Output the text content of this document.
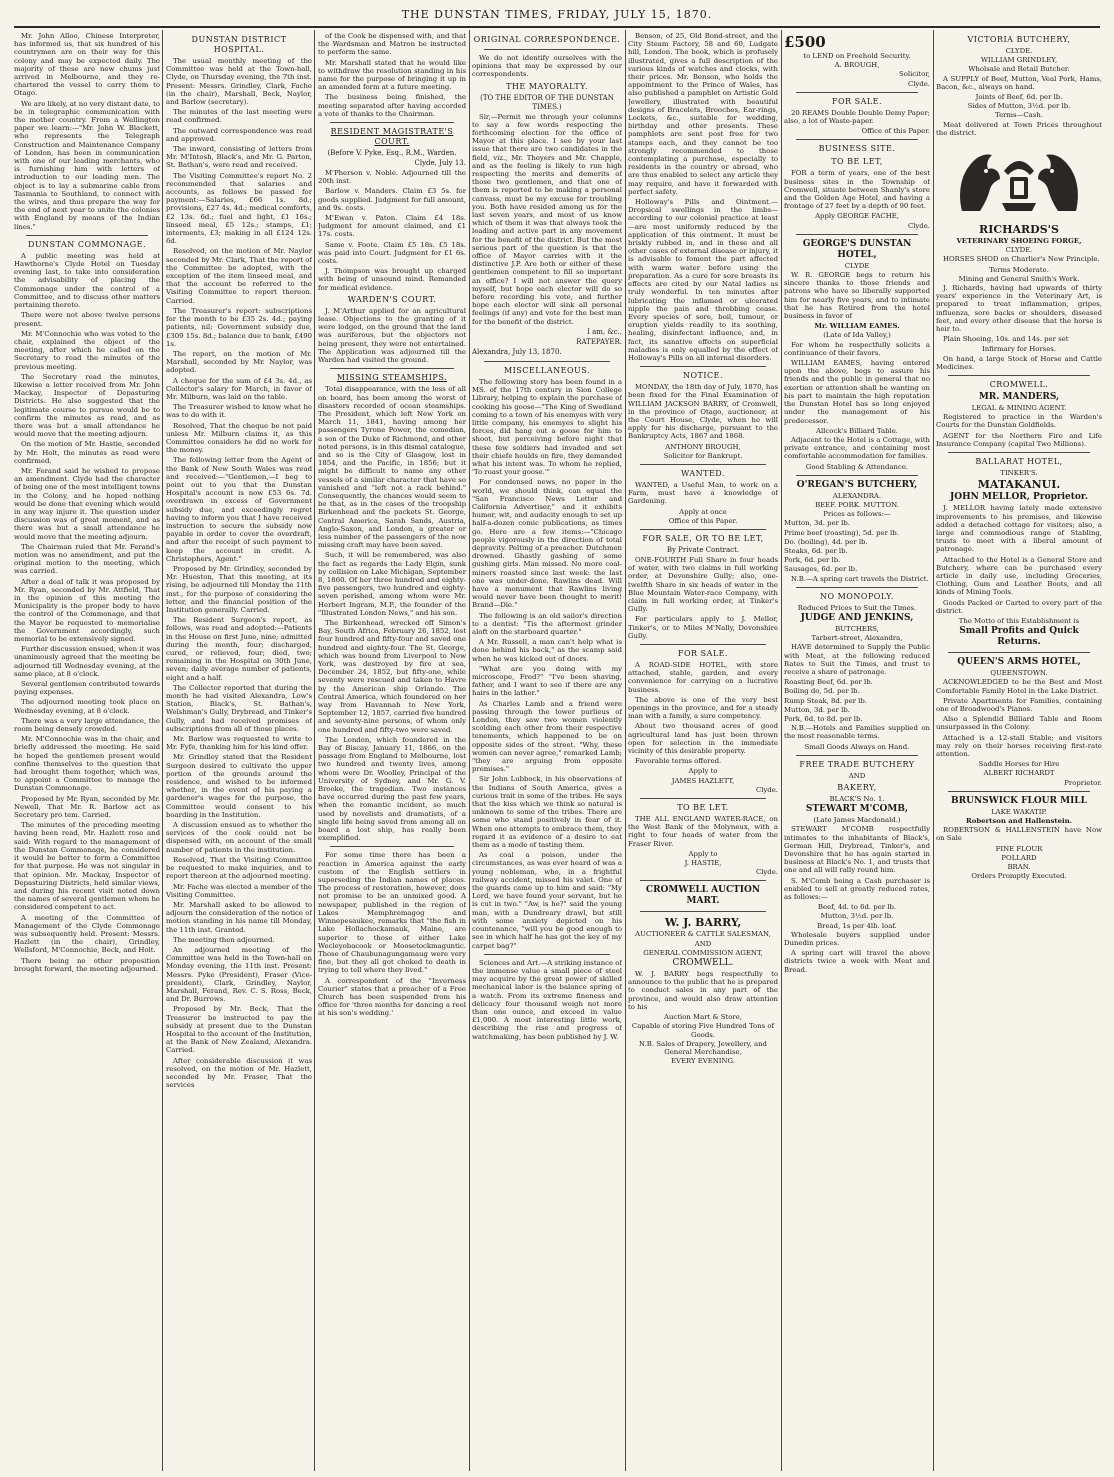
THE DUNSTAN TIMES, FRIDAY, JULY 15, 1870.

Mr. John Alloo, Chinese Interpreter, has informed us, that six hundred of his countrymen are on their way for this colony and may be expected daily. The majority of these are new chums just arrived in Melbourne, and they re-chartered the vessel to carry them to Otago.

We are likely, at no very distant date, to be in telegraphic communication with the mother country. From a Wellington paper we learn:—"Mr. John W. Blackett, who represents the Telegraph Construction and Maintenance Company of London, has been in communication with one of our leading merchants, who is furnishing him with letters of introduction to our leading men. The object is to lay a submarine cable from Tasmania to Southland, to connect with the wires, and thus prepare the way for the end of next year to unite the colonies with England by means of the Indian lines."

DUNSTAN COMMONAGE.

A public meeting was held at Hawthorne's Clyde Hotel on Tuesday evening last, to take into consideration the advisability of placing the Commonage under the control of a Committee, and to discuss other matters pertaining thereto.

There were not above twelve persons present.

Mr. M'Connochie who was voted to the chair, explained the object of the meeting, after which he called on the Secretary to read the minutes of the previous meeting.

The Secretary read the minutes, likewise a letter received from Mr. John Mackay, Inspector of Depasturing Districts. He also suggested that the legitimate course to pursue would be to confirm the minutes as read, and as there was but a small attendance he would move that the meeting adjourn.

On the motion of Mr. Hastie, seconded by Mr. Holt, the minutes as read were confirmed.

Mr. Ferand said he wished to propose an amendment. Clyde had the character of being one of the most intelligent towns in the Colony, and he hoped nothing would be done that evening which would in any way injure it. The question under discussion was of great moment, and as there was but a small attendance he would move that the meeting adjourn.

The Chairman ruled that Mr. Ferand's motion was no amendment, and put the original motion to the meeting, which was carried.

After a deal of talk it was proposed by Mr. Ryan, seconded by Mr. Attfield, That in the opinion of this meeting the Municipality is the proper body to have the control of the Commonage, and that the Mayor be requested to memorialise the Government accordingly, such memorial to be extensively signed.

Further discussion ensued, when it was unanimously agreed that the meeting be adjourned till Wednesday evening, at the same place, at 8 o'clock.

Several gentlemen contributed towards paying expenses.

The adjourned meeting took place on Wednesday evening, at 8 o'clock.

There was a very large attendance, the room being densely crowded.

Mr. M'Connochie was in the chair, and briefly addressed the meeting. He said he hoped the gentlemen present would confine themselves to the question that had brought them together, which was, to appoint a Committee to manage the Dunstan Commonage.

Proposed by Mr. Ryan, seconded by Mr. Newell, That Mr. R. Barlow act as Secretary pro tem. Carried.

The minutes of the preceding meeting having been read, Mr. Hazlett rose and said: With regard to the management of the Dunstan Commonage, he considered it would be better to form a Committee for that purpose. He was not singular in that opinion. Mr. Mackay, Inspector of Depasturing Districts, held similar views, and during his recent visit noted down the names of several gentlemen whom he considered competent to act.

A meeting of the Committee of Management of the Clyde Commonage was subsequently held. Present: Messrs. Hazlett (in the chair), Grindley, Wellsford, M'Connochie, Beck, and Holt.

There being no other proposition brought forward, the meeting adjourned.

DUNSTAN DISTRICT HOSPITAL.

The usual monthly meeting of the Committee was held at the Town-hall, Clyde, on Thursday evening, the 7th inst. Present: Messrs. Grindley, Clark, Fache (in the chair), Marshall, Beck, Naylor, and Barlow (secretary).

The minutes of the last meeting were read confirmed.

The outward correspondence was read and approved.

The inward, consisting of letters from Mr. M'Intosh, Black's, and Mr. G. Parton, St. Bathan's, were read and received.

The Visiting Committee's report No. 2 recommended that salaries and accounts, as follows be passed for payment:—Salaries, £66 1s. 8d.; provisions, £27 4s. 4d.; medical comforts, £2 13s. 6d.; fuel and light, £1 16s.; linseed meal, £5 12s.; stamps, £1; interments, £3; making in all £124 12s. 6d.

Resolved, on the motion of Mr. Naylor seconded by Mr. Clark, That the report of the Committee be adopted, with the exception of the item linseed meal, and that the account be referred to the Visiting Committee to report thereon. Carried.

The Treasurer's report: subscriptions for the month to be £35 2s. 4d.; paying patients, nil; Government subsidy due, £309 15s. 8d.; balance due to bank, £490 1s.

The report, on the motion of Mr. Marshall, seconded by Mr. Naylor, was adopted.

A cheque for the sum of £4 3s. 4d., as Collector's salary for March, in favor of Mr. Milburn, was laid on the table.

The Treasurer wished to know what he was to do with it.

Resolved, That the cheque be not paid unless Mr. Milburn claims it, as this Committee considers he did no work for the money.

The following letter from the Agent of the Bank of New South Wales was read and received:—"Gentlemen,—I beg to point out to you that the Dunstan Hospital's account is now £53 6s. 7d. overdrawn in excess of Government subsidy due, and exceedingly regret having to inform you that I have received instruction to secure the subsidy now payable in order to cover the overdraft, and after the receipt of such payment to keep the account in credit. A. Christophers, Agent."

Proposed by Mr. Grindley, seconded by Mr. Hueston, That this meeting, at its rising, be adjourned till Monday the 11th inst., for the purpose of considering the letter, and the financial position of the Institution generally. Carried.

The Resident Surgeon's report, as follows, was read and adopted:—Patients in the House on first June, nine; admitted during the month, four; discharged, cured, or relieved, four; died, two; remaining in the Hospital on 30th June, seven; daily average number of patients, eight and a half.

The Collector reported that during the month he had visited Alexandra, Low's Station, Black's, St. Bathan's, Welshman's Gully, Drybread, and Tinker's Gully, and had received promises of subscriptions from all of those places.

Mr. Barlow was requested to write to Mr. Fyfe, thanking him for his kind offer.

Mr. Grindley stated that the Resident Surgeon desired to cultivate the upper portion of the grounds around the residence, and wished to be informed whether, in the event of his paying a gardener's wages for the purpose, the Committee would consent to his boarding in the Institution.

A discussion ensued as to whether the services of the cook could not be dispensed with, on account of the small number of patients in the institution.

Resolved, That the Visiting Committee be requested to make inquiries, and to report thereon at the adjourned meeting.

Mr. Fache was elected a member of the Visiting Committee.

Mr. Marshall asked to be allowed to adjourn the consideration of the notice of motion standing in his name till Monday, the 11th inst. Granted.

The meeting then adjourned.

An adjourned meeting of the Committee was held in the Town-hall on Monday evening, the 11th inst. Present: Messrs. Pyke (President), Fraser (Vice-president), Clark, Grindley, Naylor, Marshall, Ferand, Rev. C. S. Ross, Beck, and Dr. Burrows.

Proposed by Mr. Beck, That the Treasurer be instructed to pay the subsidy at present due to the Dunstan Hospital to the account of the Institution, at the Bank of New Zealand, Alexandra. Carried.

After considerable discussion it was resolved, on the motion of Mr. Hazlett, seconded by Mr. Fraser, That the services

of the Cook be dispensed with, and that the Wardsman and Matron be instructed to perform the same.

Mr. Marshall stated that he would like to withdraw the resolution standing in his name for the purpose of bringing it up in an amended form at a future meeting.

The business being finished, the meeting separated after having accorded a vote of thanks to the Chairman.

RESIDENT MAGISTRATE'S COURT.
(Before V. Pyke, Esq., R.M., Warden.
Clyde, July 13.

M'Pherson v. Noble. Adjourned till the 20th inst.

Barlow v. Manders. Claim £3 5s. for goods supplied. Judgment for full amount, and 9s. costs.

M'Ewan v. Paton. Claim £4 18s. Judgment for amount claimed, and £1 17s. costs.

Same v. Foote. Claim £5 18s. £5 18s. was paid into Court. Judgment for £1 6s. costs.

J. Thompson was brought up charged with being of unsound mind. Remanded for medical evidence.

WARDEN'S COURT.

J. M'Arthur applied for an agricultural lease. Objections to the granting of it were lodged, on the ground that the land was auriferous, but the objectors not being present, they were not entertained. The Application was adjourned till the Warden had visited the ground.

MISSING STEAMSHIPS.

Total disappearance, with the loss of all on board, has been among the worst of disasters recorded of ocean steamships. The President, which left New York on March 11, 1841, having among her passengers Tyrone Power, the comedian, a son of the Duke of Richmond, and other noted persons, is in this dismal catalogue, and so is the City of Glasgow, lost in 1854, and the Pacific, in 1856; but it might be difficult to name any other vessels of a similar character that have so vanished and "left not a rack behind." Consequently, the chances would seem to be that, as in the cases of the troopship Birkenhead and the packets St. George, Central America, Sarah Sands, Austria, Anglo-Saxon, and London, a greater or less number of the passengers of the now missing craft may have been saved.

Such, it will be remembered, was also the fact as regards the Lady Elgin, sunk by collision on Lake Michigan, September 8, 1860. Of her three hundred and eighty-five passengers, two hundred and eighty-seven perished, among whom were Mr. Herbert Ingram, M.P., the founder of the "Illustrated London News," and his son.

The Birkenhead, wrecked off Simon's Bay, South Africa, February 26, 1852, lost four hundred and fifty-four and saved one hundred and eighty-four. The St. George, which was bound from Liverpool to New York, was destroyed by fire at sea, December 24, 1852, but fifty-one, while seventy were rescued and taken to Havre by the American ship Orlando. The Central America, which foundered on her way from Havannah to New York, September 12, 1857, carried five hundred and seventy-nine persons, of whom only one hundred and fifty-two were saved.

The London, which foundered in the Bay of Biscay, January 11, 1866, on the passage from England to Melbourne, lost two hundred and twenty lives, among whom were Dr. Woolley, Principal of the University of Sydney, and Mr. G. V. Brooke, the tragedian. Two instances have occurred during the past few years, when the romantic incident, so much used by novelists and dramatists, of a single life being saved from among all on board a lost ship, has really been exemplified.

For some time there has been a reaction in America against the early custom of the English settlers in superseding the Indian names of places. The process of restoration, however, does not promise to be an unmixed good. A newspaper, published in the region of Lakes Memphremagog and Winnepesaukee, remarks that "the fish in Lake Hollachockamauk, Maine, are superior to those of either Lake Wecleyobacook or Moosetockmaguntic. Those of Chaubunagungamaug were very fine, but they all got choked to death in trying to tell where they lived."

A correspondent of the "Inverness Courier" states that a preacher of a Free Church has been suspended from his office for 'three months for dancing a reel at his son's wedding.'

ORIGINAL CORRESPONDENCE.

We do not identify ourselves with the opinions that may be expressed by our correspondents.

THE MAYORALTY.
(TO THE EDITOR OF THE DUNSTAN TIMES.)

Sir,—Permit me through your columns to say a few words respecting the forthcoming election for the office of Mayor at this place. I see by your last issue that there are two candidates in the field, viz., Mr. Theyers and Mr. Chapple, and as the feeling is likely to run high respecting the merits and demerits of those two gentlemen, and that one of them is reported to be making a personal canvass, must be my excuse for troubling you. Both have resided among us for the last seven years, and most of us know which of them it was that always took the leading and active part in any movement for the benefit of the district. But the most serious part of the question is that the office of Mayor carries with it the distinctive J.P. Are both or either of these gentlemen competent to fill so important an office? I will not answer the query myself, but hope each elector will do so before recording his vote, and further hope each elector will sink all personal feelings (if any) and vote for the best man for the benefit of the district.

I am, &c.,
RATEPAYER.
Alexandra, July 13, 1870.
MISCELLANEOUS.

The following story has been found in a MS. of the 17th century in Sion College Library, helping to explain the purchase of cooking his goose—"The King of Swedland coming to a town of his enemyes with very little company, his enemyes to slight his forces, did hang out a goose for him to shoot, but perceiving before night that these few soldiers had invaded and set their chiefe houlds on fire, they demanded what his intent was. To whom he replied, 'To roast your goose.'"

For condensed news, no paper in the world, we should think, can equal the "San Francisco News Letter and California Advertiser," and it exhibits humor, wit, and audacity enough to set up half-a-dozen comic publications, as times go. Here are a few items:—"Chicago people vigorously in the direction of total depravity. Pelting of a preacher. Dutchmen drowned. Ghastly gashing of some gushing girls. Man missed. No more coal-miners roasted since last week: the last one was under-done. Rawlins dead. Will have a monument that Rawlins living would never have been thought to merit! Brand—Die."

The following is an old sailor's direction to a dentist: "Tis the aftermost grinder aloft on the starboard quarter."

A Mr. Russell, a man can't help what is done behind his back," as the scamp said when he was kicked out of doors.

"What are you doing with my microscope, Fred?" "I've been shaving, father, and I want to see if there are any hairs in the lather."

As Charles Lamb and a friend were passing through the lower purlieus of London, they saw two women violently scolding each other from their respective tenements, which happened to be on opposite sides of the street. "Why, these women can never agree," remarked Lamb; "they are arguing from opposite premises."

Sir John Lubbock, in his observations of the Indians of South America, gives a curious trait in some of the tribes. He says that the kiss which we think so natural is unknown to some of the tribes. There are some who stand positively in fear of it. When one attempts to embrace them, they regard it as evidence of a desire to eat them as a mode of tasting them.

As coal a poison, under the circumstances, as was ever heard of was a young nobleman, who, in a frightful railway accident, missed his valet. One of the guards came up to him and said: "My Lord, we have found your servant, but he is cut in two." "Aw, is he?" said the young man, with a Dundreary drawl, but still with some anxiety depicted on his countenance, "will you be good enough to see in which half he has got the key of my carpet bag?"

Sciences and Art.—A striking instance of the immense value a small piece of steel may acquire by the great power of skilled mechanical labor is the balance spring of a watch. From its extreme fineness and delicacy four thousand weigh not more than one ounce, and exceed in value £1,000. A most interesting little work, describing the rise and progress of watchmaking, has been published by J. W.

Benson, of 25, Old Bond-street, and the City Steam Factory, 58 and 60, Ludgate hill, London. The book, which is profusely illustrated, gives a full description of the various kinds of watches and clocks, with their prices. Mr. Benson, who holds the appointment to the Prince of Wales, has also published a pamphlet on Artistic Gold Jewellery, illustrated with beautiful designs of Bracelets, Brooches, Ear-rings, Lockets, &c., suitable for wedding, birthday and other presents. These pamphlets are sent post free for two stamps each, and they cannot be too strongly recommended to those contemplating a purchase, especially to residents in the country or abroad, who are thus enabled to select any article they may require, and have it forwarded with perfect safety.

Holloway's Pills and Ointment.—Dropsical swellings in the limbs—according to our colonial practice at least—are most uniformly reduced by the application of this ointment. It must be briskly rubbed in, and in these and all other cases of external disease or injury, it is advisable to foment the part affected with warm water before using the preparation. As a cure for sore breasts its effects are cited by our Natal ladies as truly wonderful. In ten minutes after lubricating the inflamed or ulcerated nipple the pain and throbbing cease. Every species of sore, boil, tumour, or eruption yields readily to its soothing, healing, disinfectant influence, and, in fact, its sanative effects on superficial maladies is only equalled by the effect of Holloway's Pills on all internal disorders.

NOTICE.

MONDAY, the 18th day of July, 1870, has been fixed for the Final Examination of WILLIAM JACKSON BARRY, of Cromwell, in the province of Otago, auctioneer, at the Court House, Clyde, when he will apply for his discharge, pursuant to the Bankruptcy Acts, 1867 and 1868.

ANTHONY BROUGH,
Solicitor for Bankrupt.
WANTED.

WANTED, a Useful Man, to work on a Farm, must have a knowledge of Gardening.

Apply at once
Office of this Paper.
FOR SALE, OR TO BE LET,
By Private Contract.

ONE-FOURTH Full Share in four heads of water, with two claims in full working order, at Devonshire Gully; also, one-twelfth Share in six heads of water in the Blue Mountain Water-race Company, with claim in full working order, at Tinker's Gully.

For particulars apply to J. Mellor, Tinker's, or to Miles M'Nally, Devonshire Gully.

FOR SALE.

A ROAD-SIDE HOTEL, with store attached, stable, garden, and every convenience for carrying on a lucrative business.

The above is one of the very best openings in the province, and for a steady man with a family, a sure competency.

About two thousand acres of good agricultural land has just been thrown open for selection in the immediate vicinity of this desirable property.

Favorable terms offered.

Apply to
JAMES HAZLETT,
Clyde.
TO BE LET.

THE ALL ENGLAND WATER-RACE, on the West Bank of the Molyneux, with a right to four heads of water from the Fraser River.

Apply to
J. HASTIE,
Clyde.
CROMWELL AUCTION MART.
W. J. BARRY,
AUCTIONEER & CATTLE SALESMAN,
AND
GENERAL COMMISSION AGENT,
CROMWELL.

W. J. BARRY begs respectfully to announce to the public that he is prepared to conduct sales in any part of the province, and would also draw attention to his

Auction Mart & Store,
Capable of storing Five Hundred Tons of Goods.
N.B. Sales of Drapery, Jewellery, and General Merchandise,
EVERY EVENING.
£500
to LEND on Freehold Security.
A. BROUGH,
Solicitor,
Clyde.
FOR SALE.

20 REAMS Double Double Demy Paper; also, a lot of Waste-paper.

Office of this Paper.
BUSINESS SITE.
TO BE LET,

FOR a term of years, one of the best business sites in the Township of Cromwell, situate between Shanly's store and the Golden Age Hotel, and having a frontage of 27 feet by a depth of 90 feet.

Apply GEORGE FACHE,
Clyde.
GEORGE'S DUNSTAN HOTEL,
CLYDE

W. R. GEORGE begs to return his sincere thanks to those friends and patrons who have so liberally supported him for nearly five years, and to intimate that he has Retired from the hotel business in favor of

Mr. WILLIAM EAMES.
(Late of Ida Valley,)

For whom he respectfully solicits a continuance of their favors.

WILLIAM EAMES, having entered upon the above, begs to assure his friends and the public in general that no exertion or attention shall be wanting on his part to maintain the high reputation the Dunstan Hotel has so long enjoyed under the management of his predecessor.

Allcock's Billiard Table.

Adjacent to the Hotel is a Cottage, with private entrance, and containing most comfortable accommodation for families.

Good Stabling & Attendance.
O'REGAN'S BUTCHERY,
ALEXANDRA.
BEEF. PORK. MUTTON.
Prices as follows:—
Mutton, 3d. per lb.
Prime beef (roasting), 5d. per lb.
Do. (boiling), 4d. per lb.
Steaks, 6d. per lb.
Pork, 6d. per lb.
Sausages, 6d. per lb.

N.B.—A spring cart travels the District.

NO MONOPOLY.
Reduced Prices to Suit the Times.
JUDGE AND JENKINS,
BUTCHERS,
Tarbert-street, Alexandra,

HAVE determined to Supply the Public with Meat, at the following reduced Rates to Suit the Times, and trust to receive a share of patronage.

Roasting Beef, 6d. per lb.
Boiling do, 5d. per lb.
Rump Steak, 8d. per lb.
Mutton, 3d. per lb.
Pork, 6d. to 8d. per lb.

N.B.—Hotels and Families supplied on the most reasonable terms.

Small Goods Always on Hand.
FREE TRADE BUTCHERY
AND
BAKERY,
BLACK'S No. 1.
STEWART M'COMB,
(Late James Macdonald.)

STEWART M'COMB respectfully intimates to the inhabitants of Black's, German Hill, Drybread, Tinker's, and Devonshire that he has again started in business at Black's No. 1, and trusts that one and all will rally round him.

S. M'Comb being a Cash purchaser is enabled to sell at greatly reduced rates, as follows:—

Beef, 4d. to 6d. per lb.
Mutton, 3½d. per lb.
Bread, 1s per 4lb. loaf.

Wholesale buyers supplied under Dunedin prices.

A spring cart will travel the above districts twice a week with Meat and Bread.

VICTORIA BUTCHERY,
CLYDE.
WILLIAM GRINDLEY,
Wholsale and Retail Butcher.

A SUPPLY of Beef, Mutton, Veal Pork, Hams, Bacon, &c., always on hand.

Joints of Beef, 6d. per lb.
Sides of Mutton, 3½d. per lb.
Terms—Cash.

Meat delivered at Town Prices throughout the district.

RICHARDS'S
VETERINARY SHOEING FORGE,
CLYDE.

HORSES SHOD on Charlier's New Principle.

Terms Moderate.
Mining and General Smith's Work.

J. Richards, having had upwards of thirty years' experience in the Veterinary Art, is prepared to treat inflammation, gripes, influenza, sore backs or shoulders, diseased feet, and every other disease that the horse is heir to.

Plain Shoeing, 10s. and 14s. per set

Infirmary for Horses.

On hand, a large Stock of Horse and Cattle Medicines.

CROMWELL.
MR. MANDERS,
LEGAL & MINING AGENT.

Registered to practice in the Warden's Courts for the Dunstan Goldfields.

AGENT for the Northern Fire and Life Insurance Company (capital Two Millions).

BALLARAT HOTEL,
TINKER'S.
MATAKANUI.
JOHN MELLOR, Proprietor.

J. MELLOR having lately made extensive improvements to his premises, and likewise added a detached cottage for visitors; also, a large and commodious range of Stabling, trusts to meet with a liberal amount of patronage.

Attached to the Hotel is a General Store and Butchery, where can be purchased every article in daily use, including Groceries, Clothing, Gum and Leather Boots, and all kinds of Mining Tools.

Goods Packed or Carted to every part of the district.

The Motto of this Establishment is
Small Profits and Quick Returns.
QUEEN'S ARMS HOTEL,
QUEENSTOWN.

ACKNOWLEDGED to be the Best and Most Comfortable Family Hotel in the Lake District.

Private Apartments for Families, containing one of Broadwood's Pianos.

Also a Splendid Billiard Table and Room unsurpassed in the Colony.

Attached is a 12-stall Stable; and visitors may rely on their horses receiving first-rate attention.

Saddle Horses for Hire
ALBERT RICHARDT
Proprietor.
BRUNSWICK FLOUR MILL
LAKE WAKATIP.
Robertson and Hallenstein.

ROBERTSON & HALLENSTEIN have Now on Sale

FINE FLOUR
POLLARD
BRAN.
Orders Promptly Executed.
